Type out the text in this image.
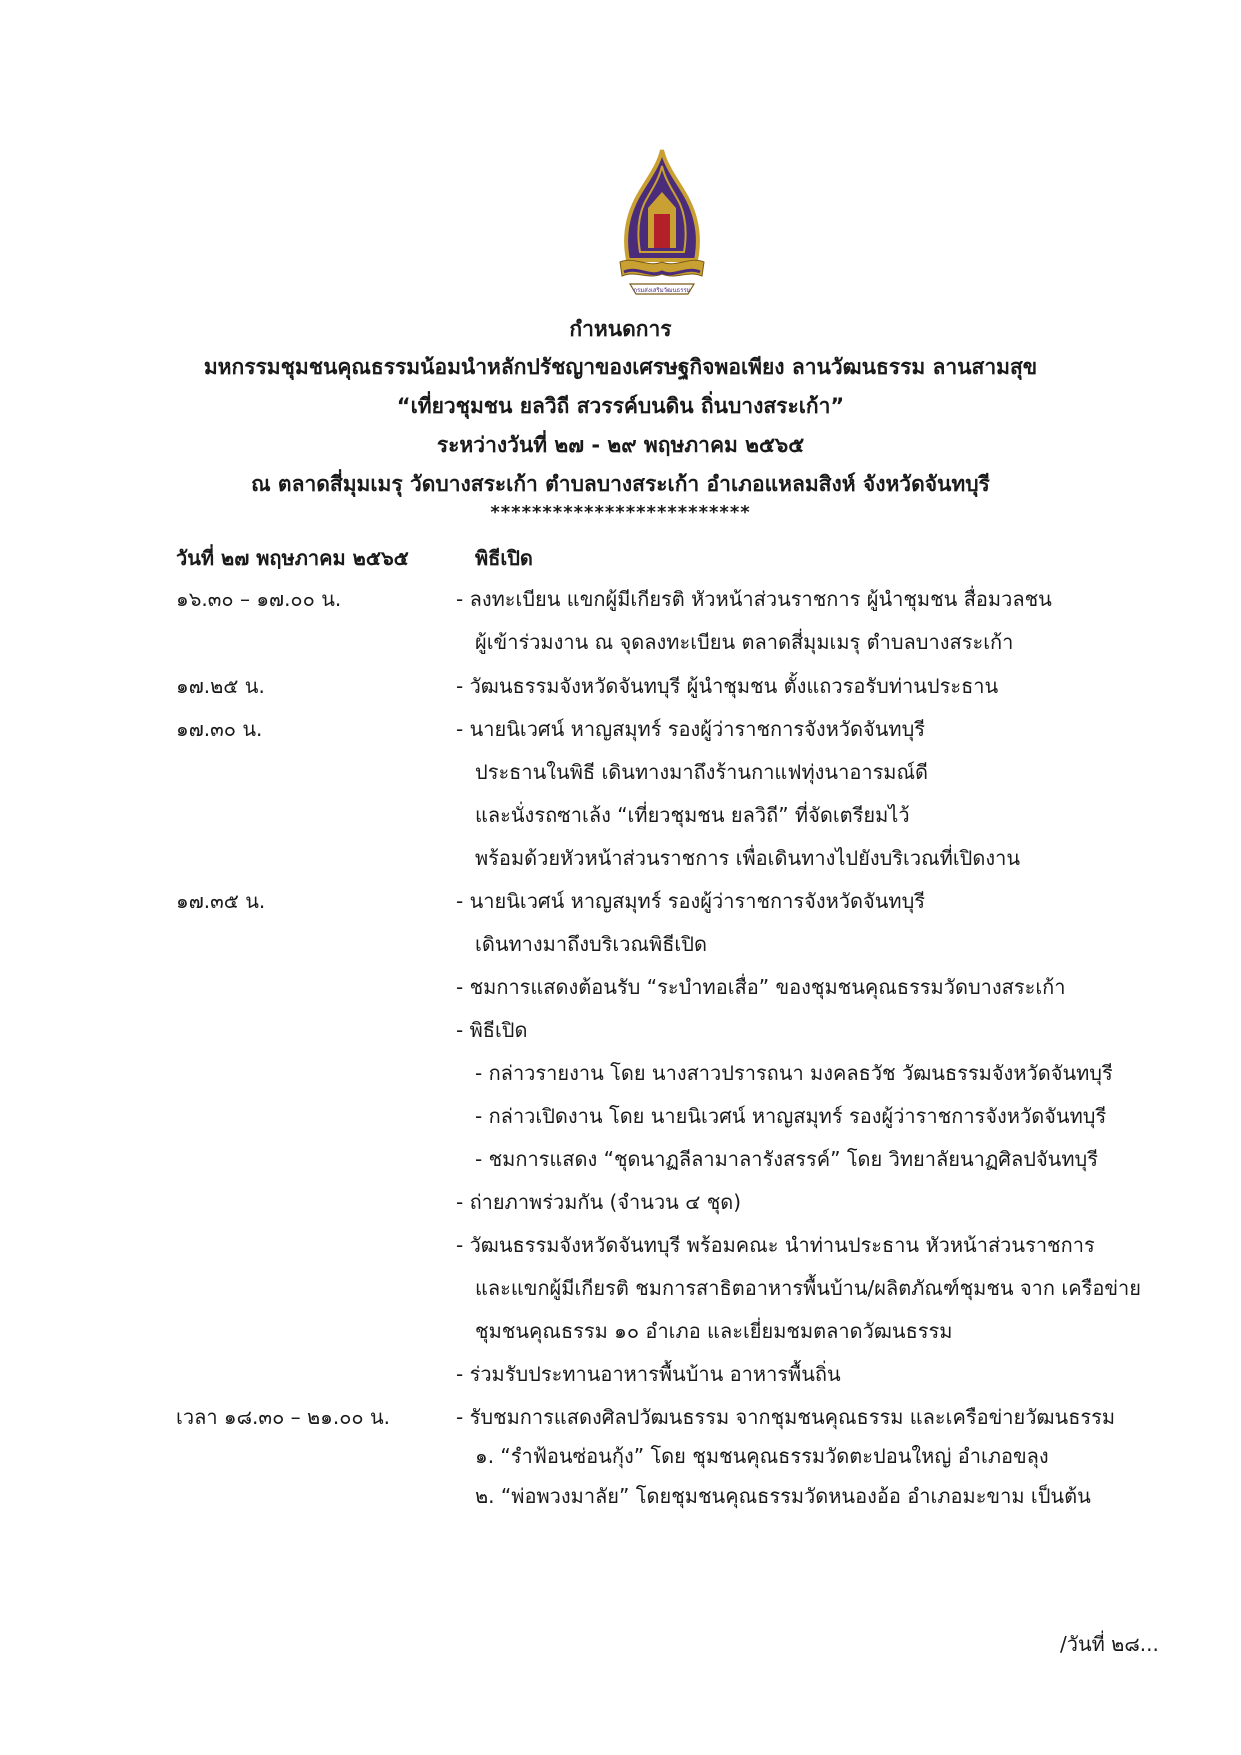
กรมส่งเสริมวัฒนธรรม
กำหนดการ
มหกรรมชุมชนคุณธรรมน้อมนำหลักปรัชญาของเศรษฐกิจพอเพียง ลานวัฒนธรรม ลานสามสุข
“เที่ยวชุมชน ยลวิถี สวรรค์บนดิน ถิ่นบางสระเก้า”
ระหว่างวันที่ ๒๗ - ๒๙ พฤษภาคม ๒๕๖๕
ณ ตลาดสี่มุมเมรุ วัดบางสระเก้า ตำบลบางสระเก้า อำเภอแหลมสิงห์ จังหวัดจันทบุรี
*************************
วันที่ ๒๗ พฤษภาคม ๒๕๖๕	พิธีเปิด
๑๖.๓๐ – ๑๗.๐๐ น.	- ลงทะเบียน แขกผู้มีเกียรติ หัวหน้าส่วนราชการ ผู้นำชุมชน สื่อมวลชน
ผู้เข้าร่วมงาน ณ จุดลงทะเบียน ตลาดสี่มุมเมรุ ตำบลบางสระเก้า
๑๗.๒๕ น.	- วัฒนธรรมจังหวัดจันทบุรี ผู้นำชุมชน ตั้งแถวรอรับท่านประธาน
๑๗.๓๐ น.	- นายนิเวศน์ หาญสมุทร์ รองผู้ว่าราชการจังหวัดจันทบุรี
ประธานในพิธี เดินทางมาถึงร้านกาแฟทุ่งนาอารมณ์ดี
และนั่งรถซาเล้ง “เที่ยวชุมชน ยลวิถี” ที่จัดเตรียมไว้
พร้อมด้วยหัวหน้าส่วนราชการ เพื่อเดินทางไปยังบริเวณที่เปิดงาน
๑๗.๓๕ น.	- นายนิเวศน์ หาญสมุทร์ รองผู้ว่าราชการจังหวัดจันทบุรี
เดินทางมาถึงบริเวณพิธีเปิด
- ชมการแสดงต้อนรับ “ระบำทอเสื่อ” ของชุมชนคุณธรรมวัดบางสระเก้า
- พิธีเปิด
- กล่าวรายงาน โดย นางสาวปรารถนา มงคลธวัช วัฒนธรรมจังหวัดจันทบุรี
- กล่าวเปิดงาน โดย นายนิเวศน์ หาญสมุทร์ รองผู้ว่าราชการจังหวัดจันทบุรี
- ชมการแสดง “ชุดนาฏลีลามาลารังสรรค์” โดย วิทยาลัยนาฏศิลปจันทบุรี
- ถ่ายภาพร่วมกัน (จำนวน ๔ ชุด)
- วัฒนธรรมจังหวัดจันทบุรี พร้อมคณะ นำท่านประธาน หัวหน้าส่วนราชการ
และแขกผู้มีเกียรติ ชมการสาธิตอาหารพื้นบ้าน/ผลิตภัณฑ์ชุมชน จาก เครือข่าย
ชุมชนคุณธรรม ๑๐ อำเภอ และเยี่ยมชมตลาดวัฒนธรรม
- ร่วมรับประทานอาหารพื้นบ้าน อาหารพื้นถิ่น
เวลา ๑๘.๓๐ – ๒๑.๐๐ น.	- รับชมการแสดงศิลปวัฒนธรรม จากชุมชนคุณธรรม และเครือข่ายวัฒนธรรม
๑. “รำฟ้อนซ่อนกุ้ง” โดย ชุมชนคุณธรรมวัดตะปอนใหญ่ อำเภอขลุง
๒. “พ่อพวงมาลัย” โดยชุมชนคุณธรรมวัดหนองอ้อ อำเภอมะขาม เป็นต้น
/วันที่ ๒๘...
